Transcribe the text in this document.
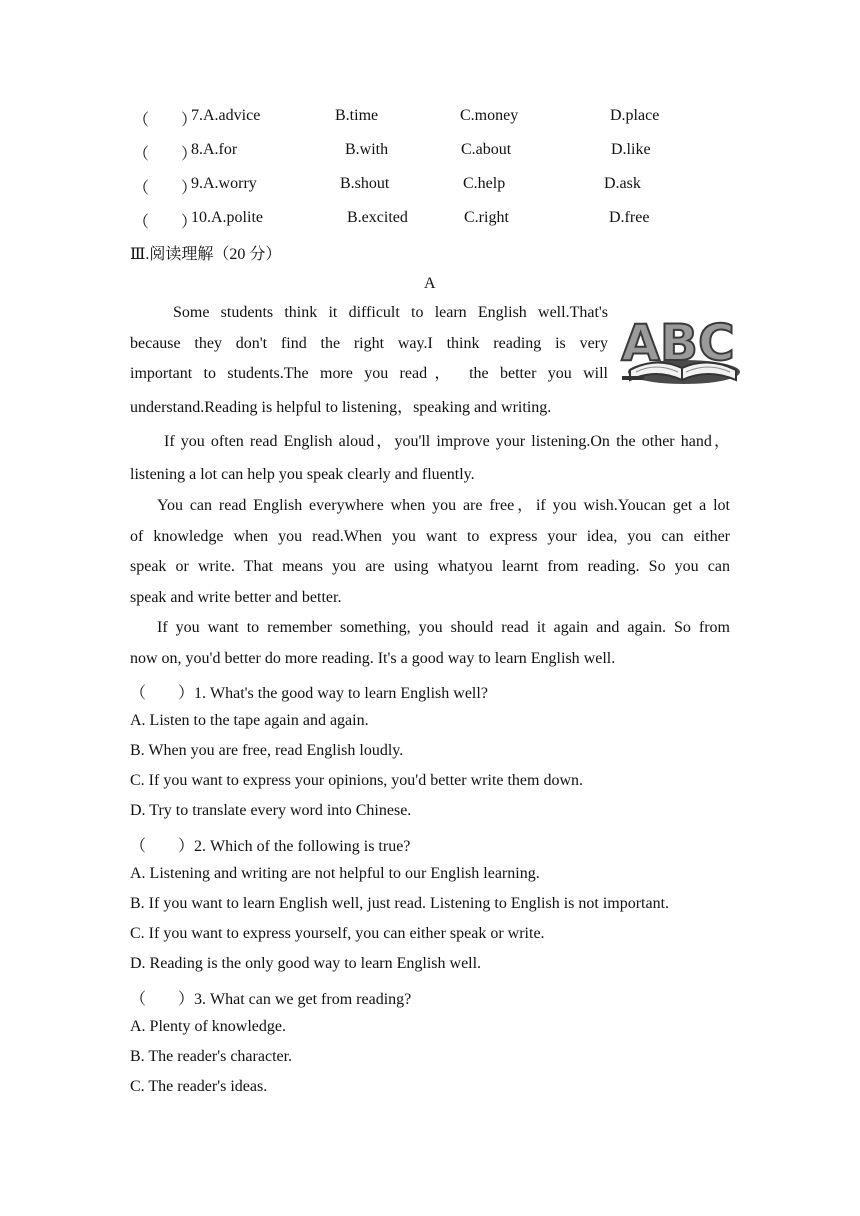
（　　）
7.A.advice	B.time	C.money	D.place
（　　）
8.A.for	B.with	C.about	D.like
（　　）
9.A.worry	B.shout	C.help	D.ask
（　　）
10.A.polite	B.excited	C.right	D.free
Ⅲ.阅读理解（20 分）
A
Some students think it difficult to learn English well.That's
because they don't find the right way.I think reading is very
important to students.The more you read， the better you will
understand.Reading is helpful to listening，speaking and writing.
ABC
If you often read English aloud，you'll improve your listening.On the other hand，
listening a lot can help you speak clearly and fluently.
You can read English everywhere when you are free，if you wish.Youcan get a lot
of knowledge when you read.When you want to express your idea, you can either
speak or write. That means you are using whatyou learnt from reading. So you can
speak and write better and better.
If you want to remember something, you should read it again and again. So from
now on, you'd better do more reading. It's a good way to learn English well.
（　　）1. What's the good way to learn English well?
A. Listen to the tape again and again.
B. When you are free, read English loudly.
C. If you want to express your opinions, you'd better write them down.
D. Try to translate every word into Chinese.
（　　）2. Which of the following is true?
A. Listening and writing are not helpful to our English learning.
B. If you want to learn English well, just read. Listening to English is not important.
C. If you want to express yourself, you can either speak or write.
D. Reading is the only good way to learn English well.
（　　）3. What can we get from reading?
A. Plenty of knowledge.
B. The reader's character.
C. The reader's ideas.
